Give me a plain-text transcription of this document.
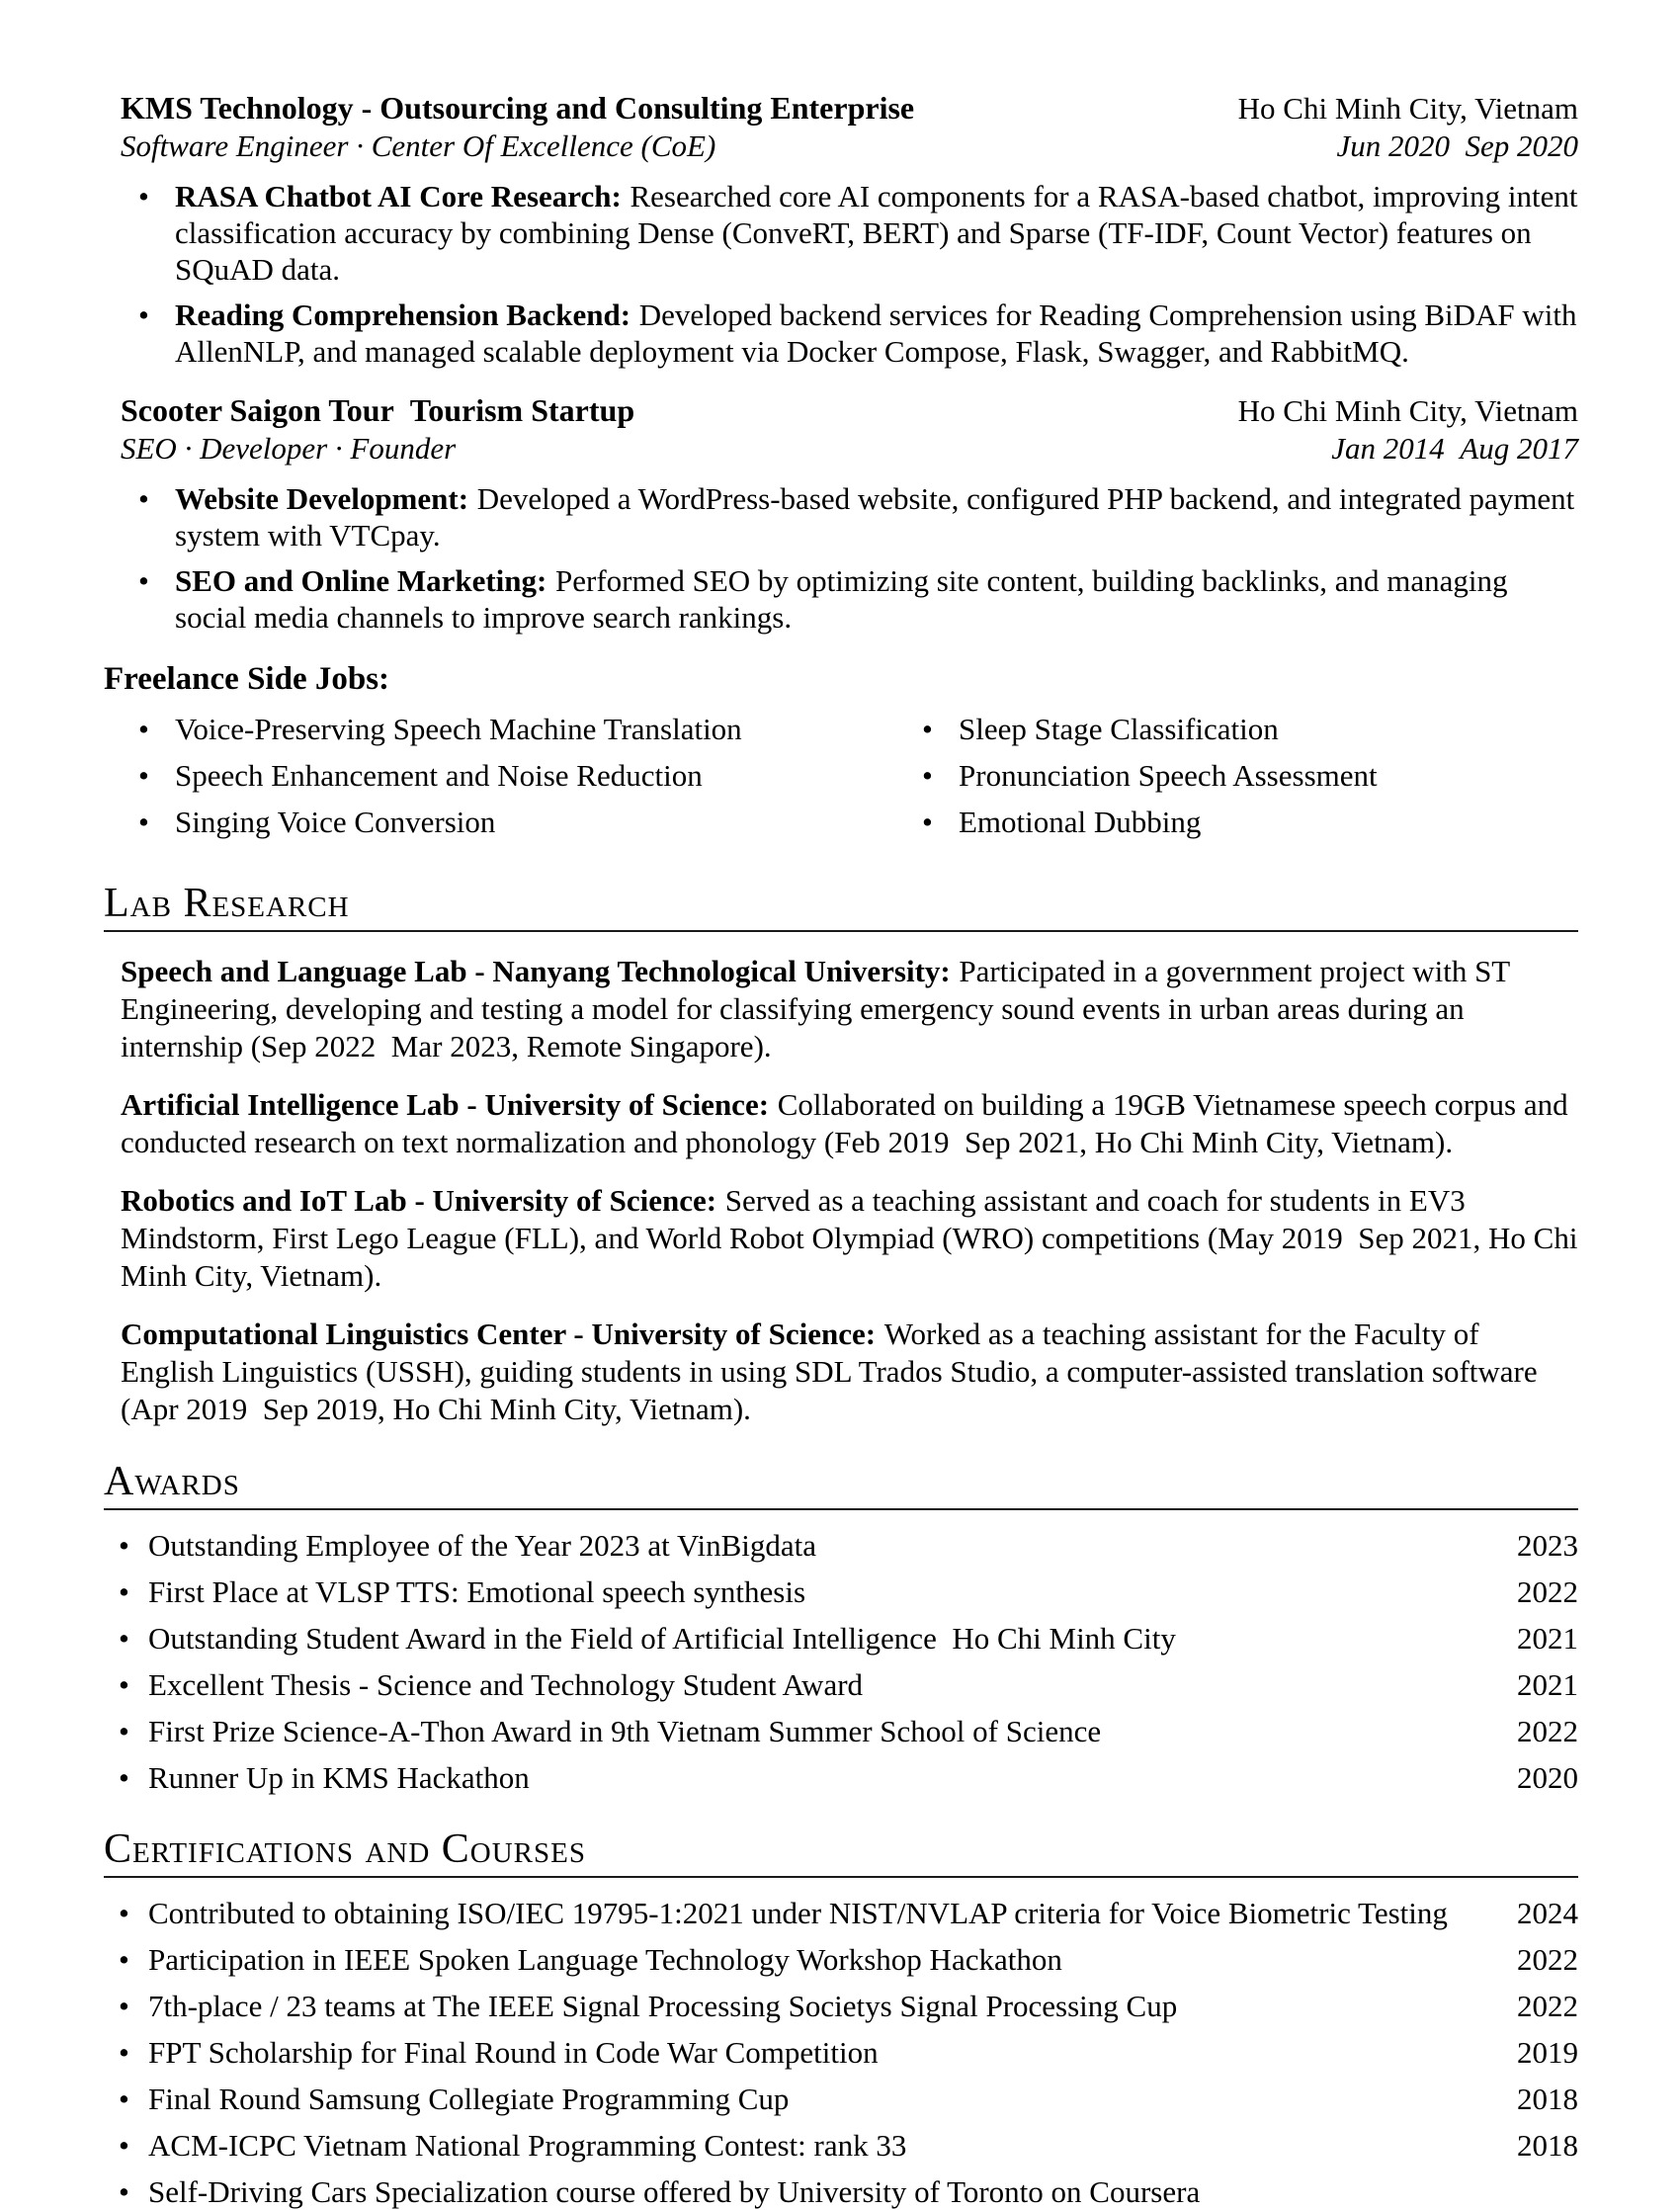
KMS Technology - Outsourcing and Consulting Enterprise	Ho Chi Minh City, Vietnam
Software Engineer · Center Of Excellence (CoE)	Jun 2020 Sep 2020
• RASA Chatbot AI Core Research: Researched core AI components for a RASA-based chatbot, improving intent classification accuracy by combining Dense (ConveRT, BERT) and Sparse (TF-IDF, Count Vector) features on SQuAD data.
• Reading Comprehension Backend: Developed backend services for Reading Comprehension using BiDAF with AllenNLP, and managed scalable deployment via Docker Compose, Flask, Swagger, and RabbitMQ.
Scooter Saigon Tour Tourism Startup	Ho Chi Minh City, Vietnam
SEO · Developer · Founder	Jan 2014 Aug 2017
• Website Development: Developed a WordPress-based website, configured PHP backend, and integrated payment system with VTCpay.
• SEO and Online Marketing: Performed SEO by optimizing site content, building backlinks, and managing social media channels to improve search rankings.
Freelance Side Jobs:
• Voice-Preserving Speech Machine Translation
• Speech Enhancement and Noise Reduction
• Singing Voice Conversion
• Sleep Stage Classification
• Pronunciation Speech Assessment
• Emotional Dubbing
Lab Research
Speech and Language Lab - Nanyang Technological University: Participated in a government project with ST Engineering, developing and testing a model for classifying emergency sound events in urban areas during an internship (Sep 2022 Mar 2023, Remote Singapore).
Artificial Intelligence Lab - University of Science: Collaborated on building a 19GB Vietnamese speech corpus and conducted research on text normalization and phonology (Feb 2019 Sep 2021, Ho Chi Minh City, Vietnam).
Robotics and IoT Lab - University of Science: Served as a teaching assistant and coach for students in EV3 Mindstorm, First Lego League (FLL), and World Robot Olympiad (WRO) competitions (May 2019 Sep 2021, Ho Chi Minh City, Vietnam).
Computational Linguistics Center - University of Science: Worked as a teaching assistant for the Faculty of English Linguistics (USSH), guiding students in using SDL Trados Studio, a computer-assisted translation software (Apr 2019 Sep 2019, Ho Chi Minh City, Vietnam).
Awards
• Outstanding Employee of the Year 2023 at VinBigdata	2023
• First Place at VLSP TTS: Emotional speech synthesis	2022
• Outstanding Student Award in the Field of Artificial Intelligence Ho Chi Minh City	2021
• Excellent Thesis - Science and Technology Student Award	2021
• First Prize Science-A-Thon Award in 9th Vietnam Summer School of Science	2022
• Runner Up in KMS Hackathon	2020
Certifications and Courses
• Contributed to obtaining ISO/IEC 19795-1:2021 under NIST/NVLAP criteria for Voice Biometric Testing	2024
• Participation in IEEE Spoken Language Technology Workshop Hackathon	2022
• 7th-place / 23 teams at The IEEE Signal Processing Societys Signal Processing Cup	2022
• FPT Scholarship for Final Round in Code War Competition	2019
• Final Round Samsung Collegiate Programming Cup	2018
• ACM-ICPC Vietnam National Programming Contest: rank 33	2018
• Self-Driving Cars Specialization course offered by University of Toronto on Coursera
